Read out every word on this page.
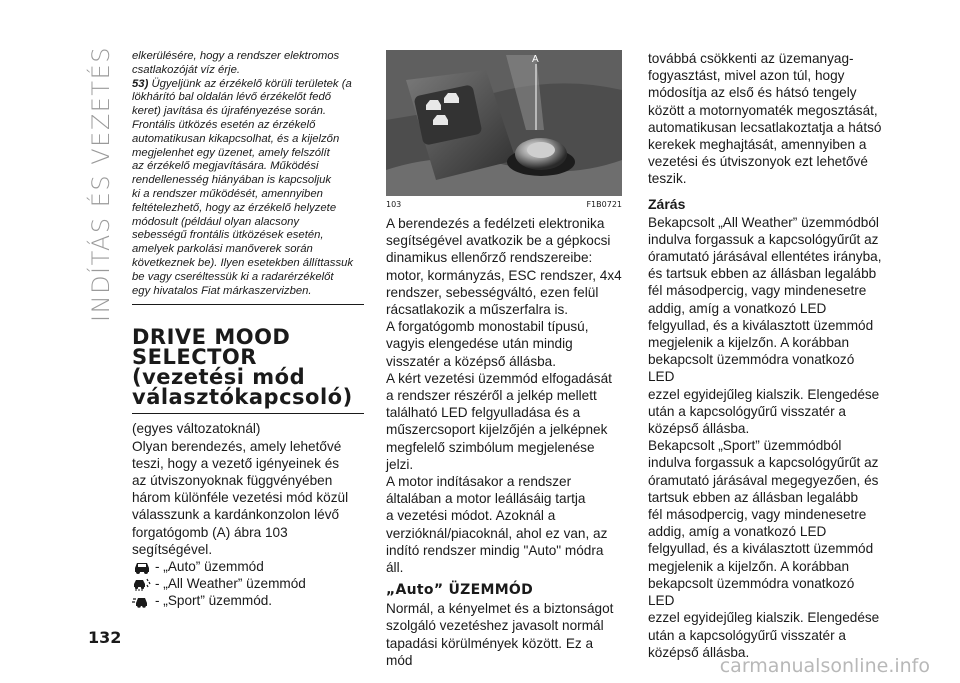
INDÍTÁS ÉS VEZETÉS elkerülésére, hogy a rendszer elektromos

csatlakozóját víz érje.

53) Ügyeljünk az érzékelő körüli területek (a

lökhárító bal oldalán lévő érzékelőt fedő

keret) javítása és újrafényezése során.

Frontális ütközés esetén az érzékelő

automatikusan kikapcsolhat, és a kijelzőn

megjelenhet egy üzenet, amely felszólít

az érzékelő megjavítására. Működési

rendellenesség hiányában is kapcsoljuk

ki a rendszer működését, amennyiben

feltételezhető, hogy az érzékelő helyzete

módosult (például olyan alacsony

sebességű frontális ütközések esetén,

amelyek parkolási manőverek során

következnek be). Ilyen esetekben állíttassuk

be vagy cseréltessük ki a radarérzékelőt

egy hivatalos Fiat márkaszervizben.

DRIVE MOOD
SELECTOR
(vezetési mód
választókapcsoló)

(egyes változatoknál)

Olyan berendezés, amely lehetővé

teszi, hogy a vezető igényeinek és

az útviszonyoknak függvényében

három különféle vezetési mód közül

válasszunk a kardánkonzolon lévő

forgatógomb (A) ábra 103 segítségével.

- „Auto” üzemmód
- „All Weather” üzemmód
- „Sport” üzemmód.
A
103	F1B0721

A berendezés a fedélzeti elektronika

segítségével avatkozik be a gépkocsi

dinamikus ellenőrző rendszereibe:

motor, kormányzás, ESC rendszer, 4x4

rendszer, sebességváltó, ezen felül

rácsatlakozik a műszerfalra is.

A forgatógomb monostabil típusú,

vagyis elengedése után mindig

visszatér a középső állásba.

A kért vezetési üzemmód elfogadását

a rendszer részéről a jelkép mellett

található LED felgyulladása és a

műszercsoport kijelzőjén a jelképnek

megfelelő szimbólum megjelenése jelzi.

A motor indításakor a rendszer

általában a motor leállásáig tartja

a vezetési módot. Azoknál a

verzióknál/piacoknál, ahol ez van, az

indító rendszer mindig "Auto" módra áll.

„Auto” ÜZEMMÓD

Normál, a kényelmet és a biztonságot

szolgáló vezetéshez javasolt normál

tapadási körülmények között. Ez a mód

továbbá csökkenti az üzemanyag-

fogyasztást, mivel azon túl, hogy

módosítja az első és hátsó tengely

között a motornyomaték megosztását,

automatikusan lecsatlakoztatja a hátsó

kerekek meghajtását, amennyiben a

vezetési és útviszonyok ezt lehetővé

teszik.

Zárás

Bekapcsolt „All Weather” üzemmódból

indulva forgassuk a kapcsológyűrűt az

óramutató járásával ellentétes irányba,

és tartsuk ebben az állásban legalább

fél másodpercig, vagy mindenesetre

addig, amíg a vonatkozó LED

felgyullad, és a kiválasztott üzemmód

megjelenik a kijelzőn. A korábban

bekapcsolt üzemmódra vonatkozó LED

ezzel egyidejűleg kialszik. Elengedése

után a kapcsológyűrű visszatér a

középső állásba.

Bekapcsolt „Sport” üzemmódból

indulva forgassuk a kapcsológyűrűt az

óramutató járásával megegyezően, és

tartsuk ebben az állásban legalább

fél másodpercig, vagy mindenesetre

addig, amíg a vonatkozó LED

felgyullad, és a kiválasztott üzemmód

megjelenik a kijelzőn. A korábban

bekapcsolt üzemmódra vonatkozó LED

ezzel egyidejűleg kialszik. Elengedése

után a kapcsológyűrű visszatér a

középső állásba.

132
carmanualsonline.info
